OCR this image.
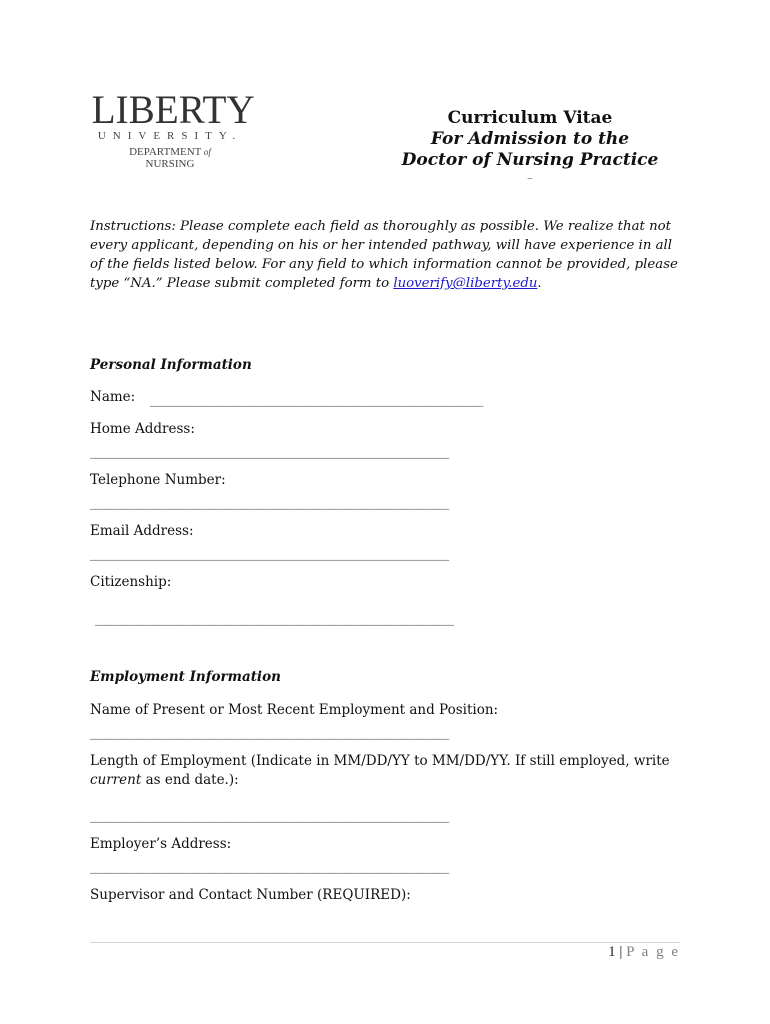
LIBERTY
UNIVERSITY.
DEPARTMENT of
NURSING
Curriculum Vitae
For Admission to the
Doctor of Nursing Practice
_
Instructions: Please complete each field as thoroughly as possible. We realize that not every applicant, depending on his or her intended pathway, will have experience in all of the fields listed below. For any field to which information cannot be provided, please type “NA.” Please submit completed form to luoverify@liberty.edu.
Personal Information
Name: ________________________________________________________________
Home Address:
_____________________________________________________________________
Telephone Number:
_____________________________________________________________________
Email Address:
_____________________________________________________________________
Citizenship:
_____________________________________________________________________
Employment Information
Name of Present or Most Recent Employment and Position:
_____________________________________________________________________
Length of Employment (Indicate in MM/DD/YY to MM/DD/YY. If still employed, write current as end date.):
_____________________________________________________________________
Employer’s Address:
_____________________________________________________________________
Supervisor and Contact Number (REQUIRED):
1 | P a g e
